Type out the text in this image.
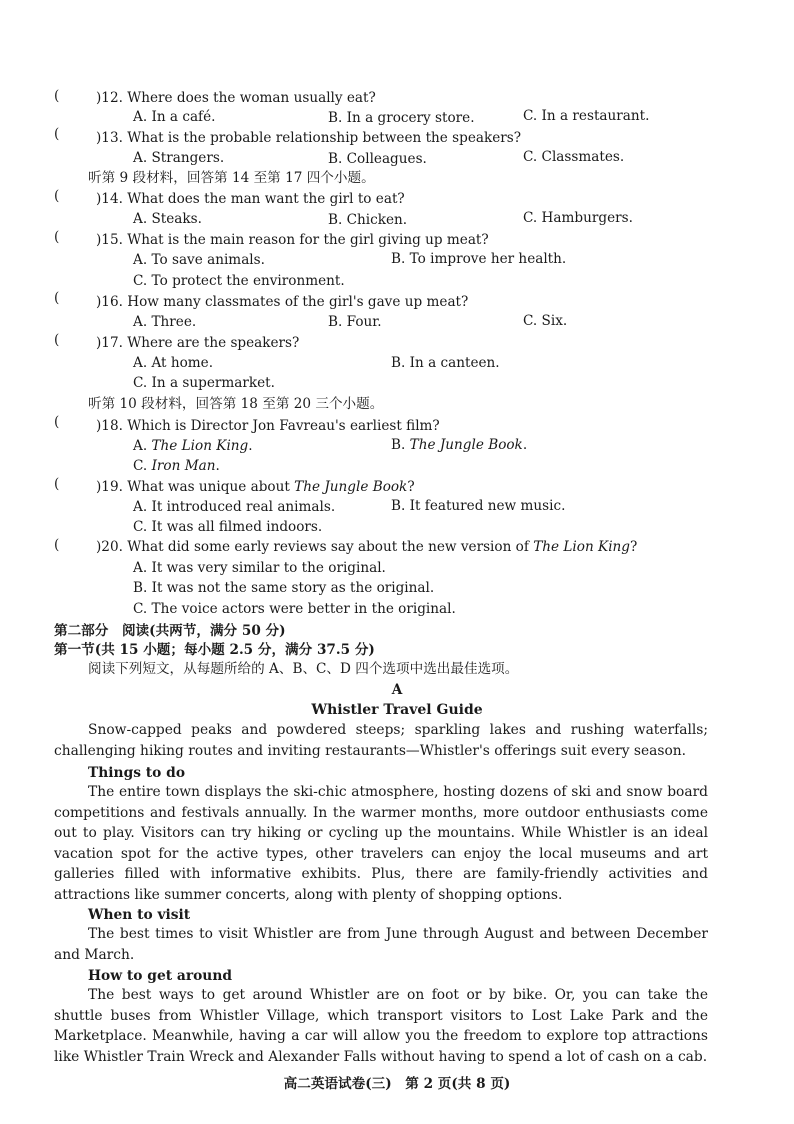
(	)12. Where does the woman usually eat?
A. In a café.	B. In a grocery store.	C. In a restaurant.
(	)13. What is the probable relationship between the speakers?
A. Strangers.	B. Colleagues.	C. Classmates.
听第 9 段材料，回答第 14 至第 17 四个小题。
(	)14. What does the man want the girl to eat?
A. Steaks.	B. Chicken.	C. Hamburgers.
(	)15. What is the main reason for the girl giving up meat?
A. To save animals.	B. To improve her health.
C. To protect the environment.
(	)16. How many classmates of the girl's gave up meat?
A. Three.	B. Four.	C. Six.
(	)17. Where are the speakers?
A. At home.	B. In a canteen.
C. In a supermarket.
听第 10 段材料，回答第 18 至第 20 三个小题。
(	)18. Which is Director Jon Favreau's earliest film?
A. The Lion King.	B. The Jungle Book.
C. Iron Man.
(	)19. What was unique about The Jungle Book?
A. It introduced real animals.	B. It featured new music.
C. It was all filmed indoors.
(	)20. What did some early reviews say about the new version of The Lion King?
A. It was very similar to the original.
B. It was not the same story as the original.
C. The voice actors were better in the original.
第二部分　阅读(共两节，满分 50 分)
第一节(共 15 小题；每小题 2.5 分，满分 37.5 分)
阅读下列短文，从每题所给的 A、B、C、D 四个选项中选出最佳选项。
A
Whistler Travel Guide
Snow-capped peaks and powdered steeps; sparkling lakes and rushing waterfalls; challenging hiking routes and inviting restaurants—Whistler's offerings suit every season.
Things to do
The entire town displays the ski-chic atmosphere, hosting dozens of ski and snow board competitions and festivals annually. In the warmer months, more outdoor enthusiasts come out to play. Visitors can try hiking or cycling up the mountains. While Whistler is an ideal vacation spot for the active types, other travelers can enjoy the local museums and art galleries filled with informative exhibits. Plus, there are family-friendly activities and attractions like summer concerts, along with plenty of shopping options.
When to visit
The best times to visit Whistler are from June through August and between December and March.
How to get around
The best ways to get around Whistler are on foot or by bike. Or, you can take the shuttle buses from Whistler Village, which transport visitors to Lost Lake Park and the Marketplace. Meanwhile, having a car will allow you the freedom to explore top attractions like Whistler Train Wreck and Alexander Falls without having to spend a lot of cash on a cab.
高二英语试卷(三)　第 2 页(共 8 页)
